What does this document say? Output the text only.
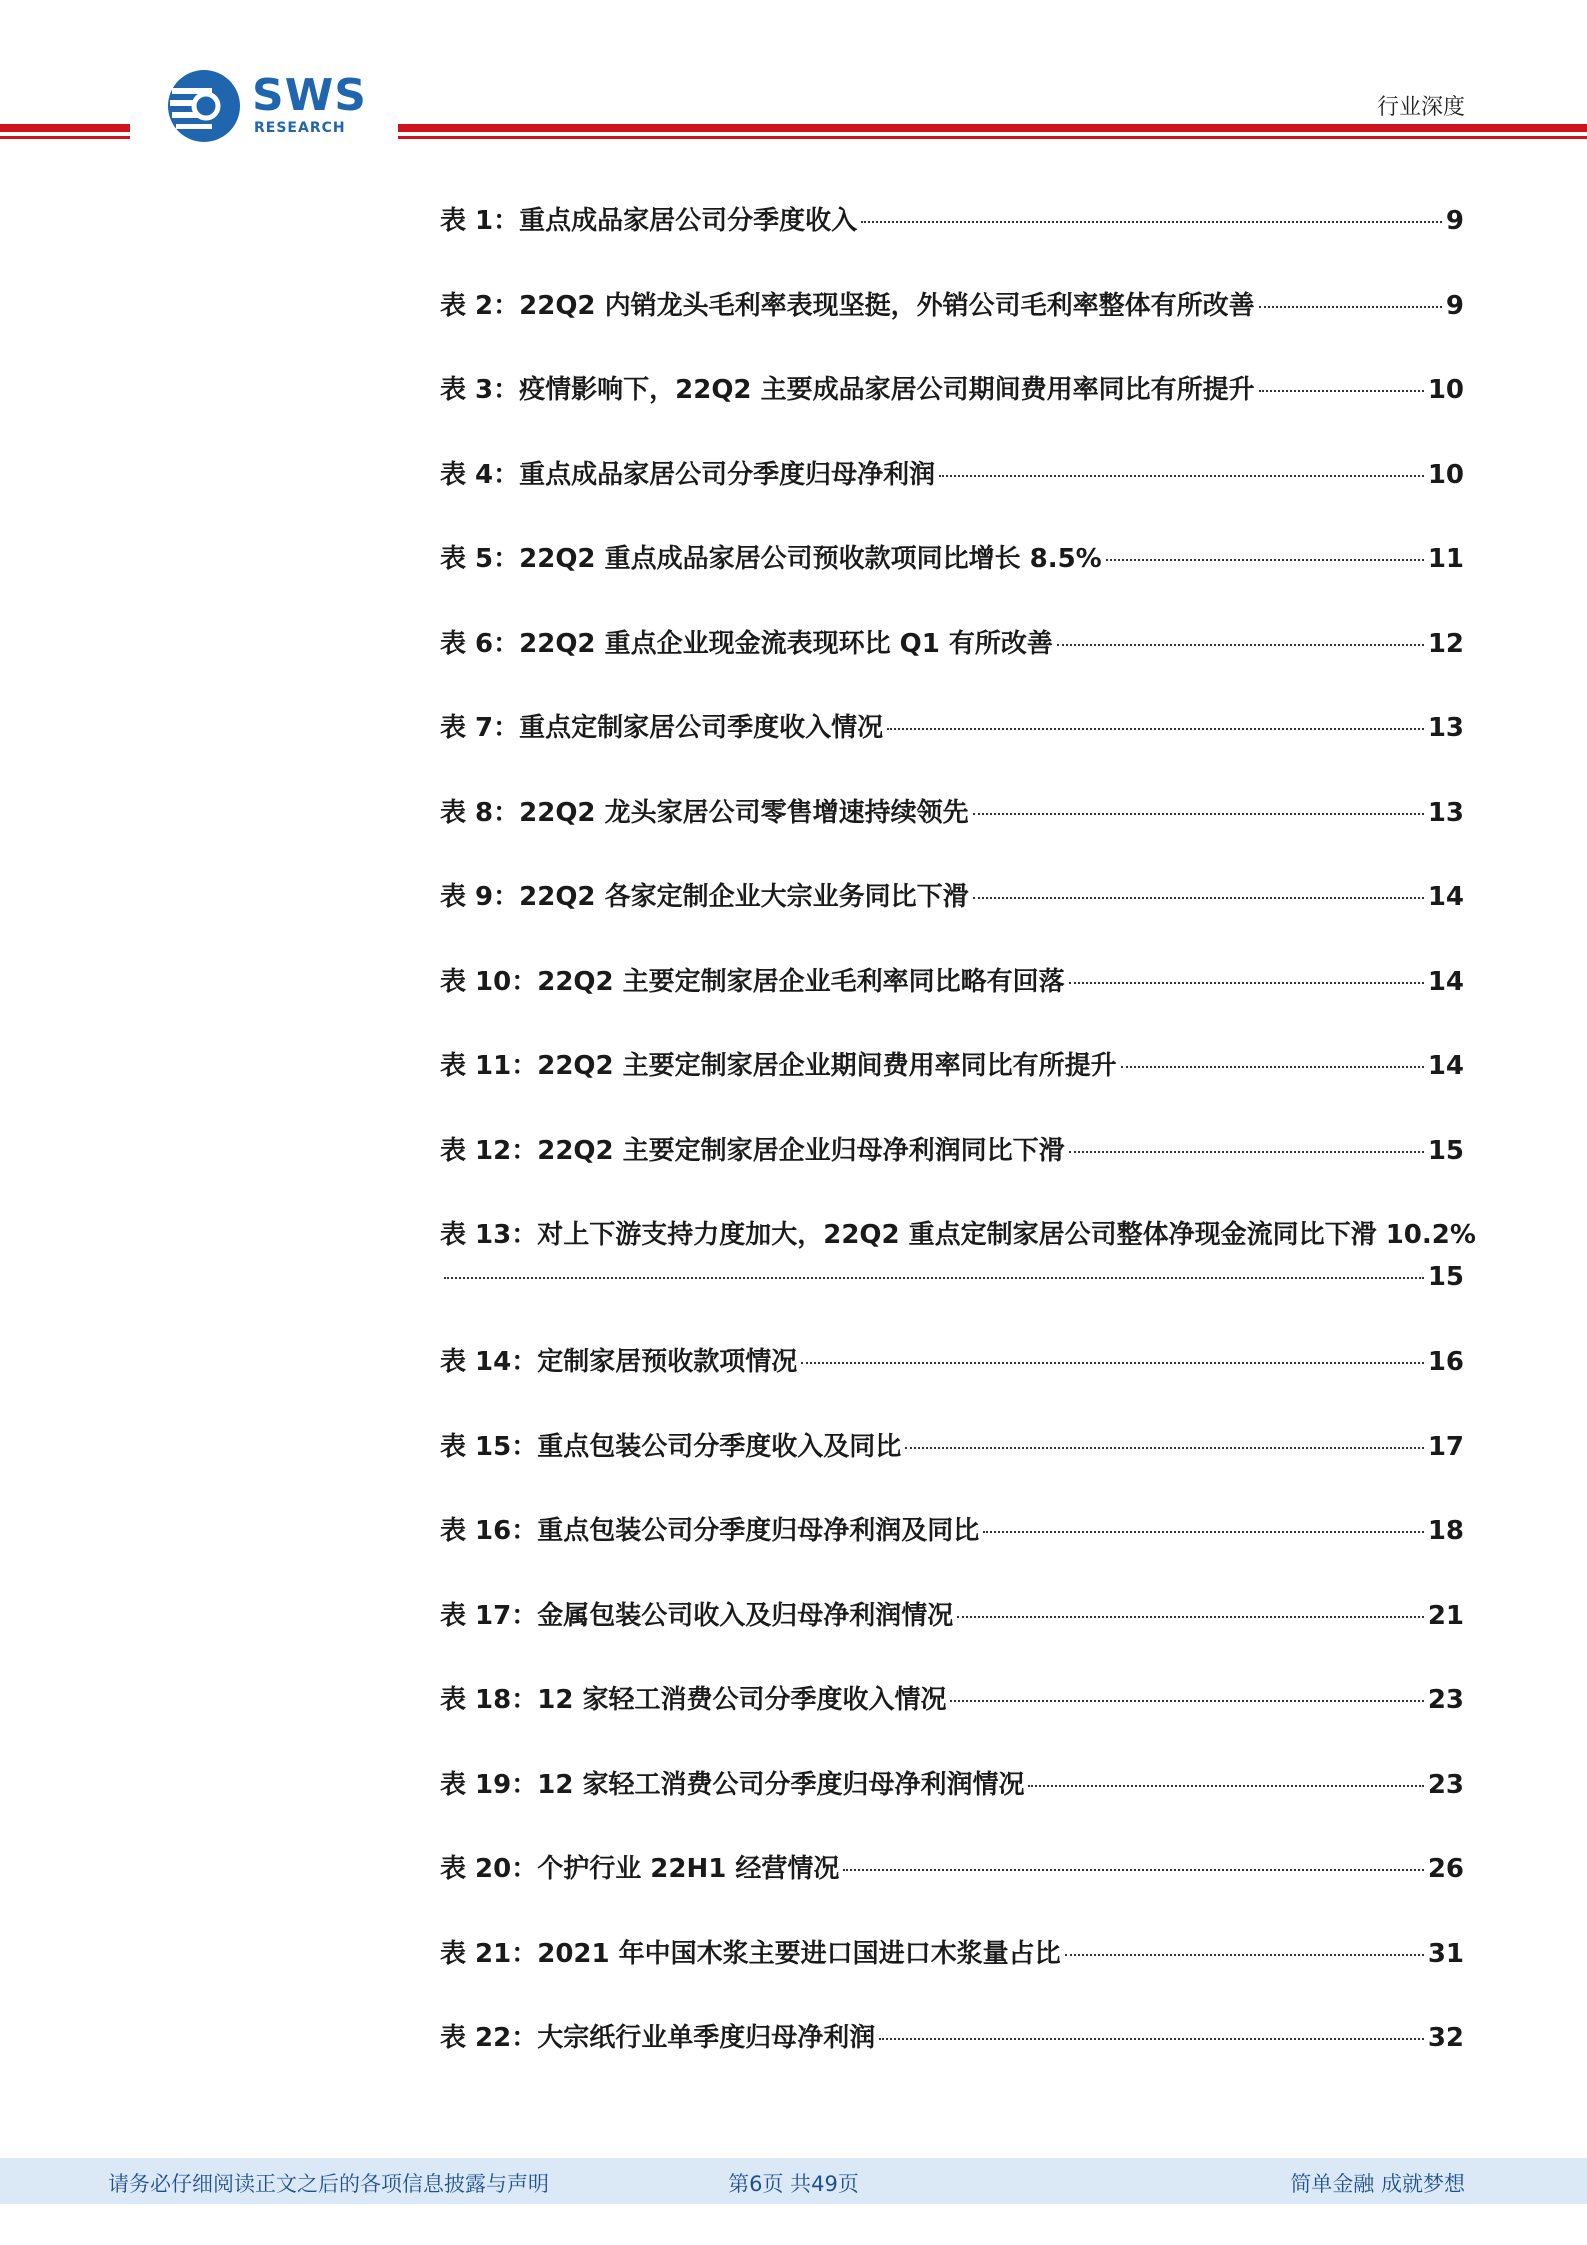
SWS
RESEARCH
行业深度
表 1：重点成品家居公司分季度收入	9
表 2：22Q2 内销龙头毛利率表现坚挺，外销公司毛利率整体有所改善	9
表 3：疫情影响下，22Q2 主要成品家居公司期间费用率同比有所提升	10
表 4：重点成品家居公司分季度归母净利润	10
表 5：22Q2 重点成品家居公司预收款项同比增长 8.5%	11
表 6：22Q2 重点企业现金流表现环比 Q1 有所改善	12
表 7：重点定制家居公司季度收入情况	13
表 8：22Q2 龙头家居公司零售增速持续领先	13
表 9：22Q2 各家定制企业大宗业务同比下滑	14
表 10：22Q2 主要定制家居企业毛利率同比略有回落	14
表 11：22Q2 主要定制家居企业期间费用率同比有所提升	14
表 12：22Q2 主要定制家居企业归母净利润同比下滑	15
表 13：对上下游支持力度加大，22Q2 重点定制家居公司整体净现金流同比下滑 10.2%
15
表 14：定制家居预收款项情况	16
表 15：重点包装公司分季度收入及同比	17
表 16：重点包装公司分季度归母净利润及同比	18
表 17：金属包装公司收入及归母净利润情况	21
表 18：12 家轻工消费公司分季度收入情况	23
表 19：12 家轻工消费公司分季度归母净利润情况	23
表 20：个护行业 22H1 经营情况	26
表 21：2021 年中国木浆主要进口国进口木浆量占比	31
表 22：大宗纸行业单季度归母净利润	32
请务必仔细阅读正文之后的各项信息披露与声明	第6页 共49页	简单金融 成就梦想
